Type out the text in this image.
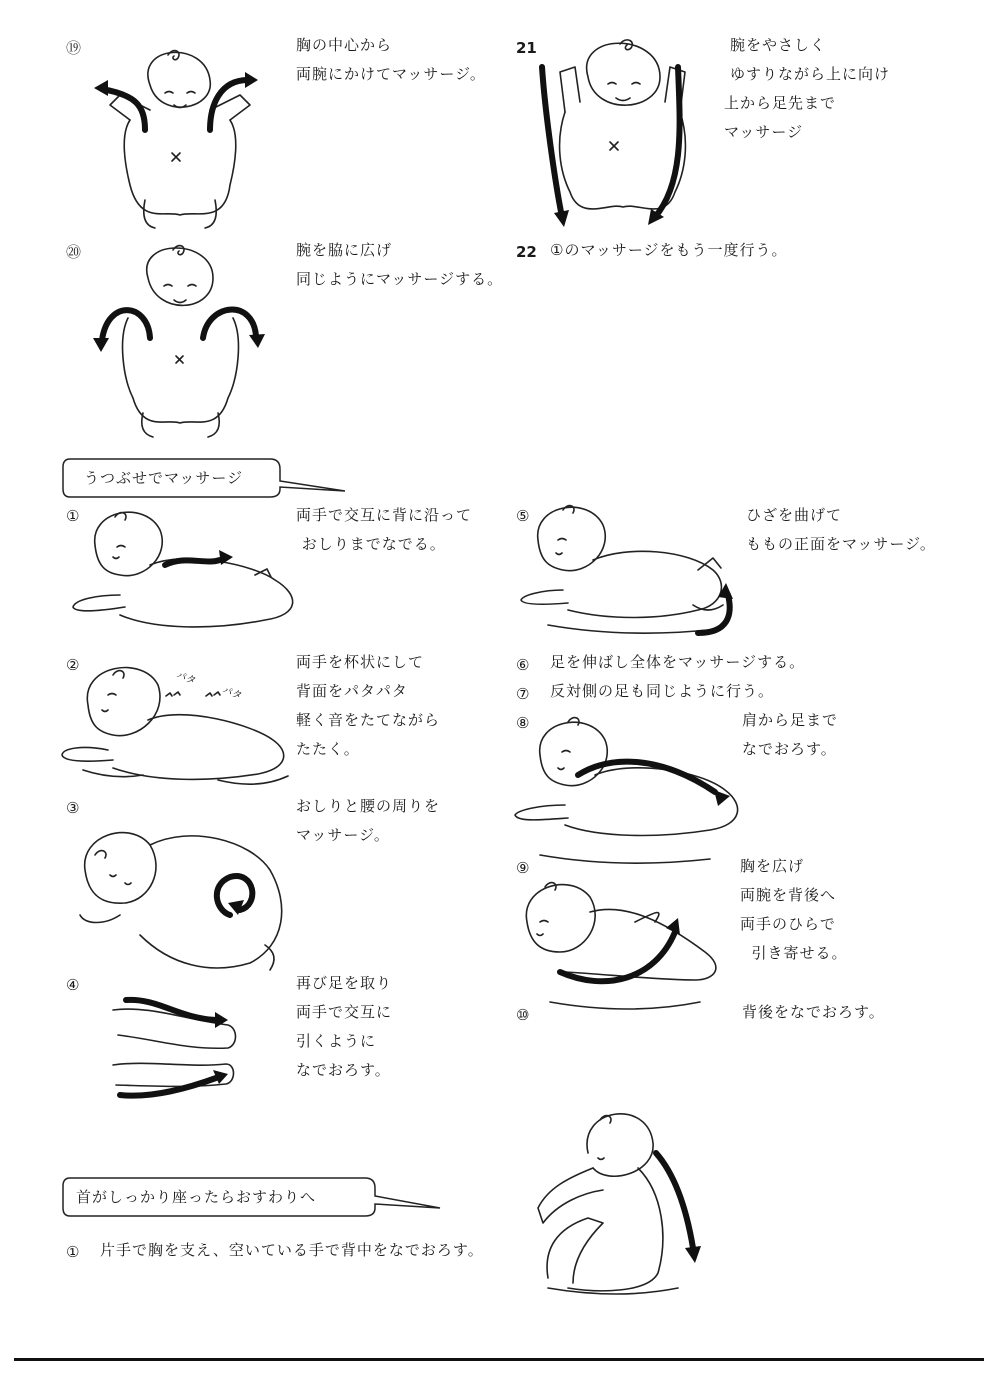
⑲	胸の中心から
両腕にかけてマッサージ。
21	腕をやさしく
ゆすりながら上に向け
上から足先まで
マッサージ
⑳	腕を脇に広げ
同じようにマッサージする。
22 ①のマッサージをもう一度行う。
うつぶせでマッサージ
①	両手で交互に背に沿って
おしりまでなでる。
②	両手を杯状にして
背面をパタパタ
軽く音をたてながら
たたく。
③	おしりと腰の周りを
マッサージ。
④	再び足を取り
両手で交互に
引くように
なでおろす。
⑤	ひざを曲げて
ももの正面をマッサージ。
⑥ 足を伸ばし全体をマッサージする。
⑦ 反対側の足も同じように行う。
⑧	肩から足まで
なでおろす。
⑨	胸を広げ
両腕を背後へ
両手のひらで
引き寄せる。
⑩	背後をなでおろす。
パタ
パタ
首がしっかり座ったらおすわりへ
① 片手で胸を支え、空いている手で背中をなでおろす。
